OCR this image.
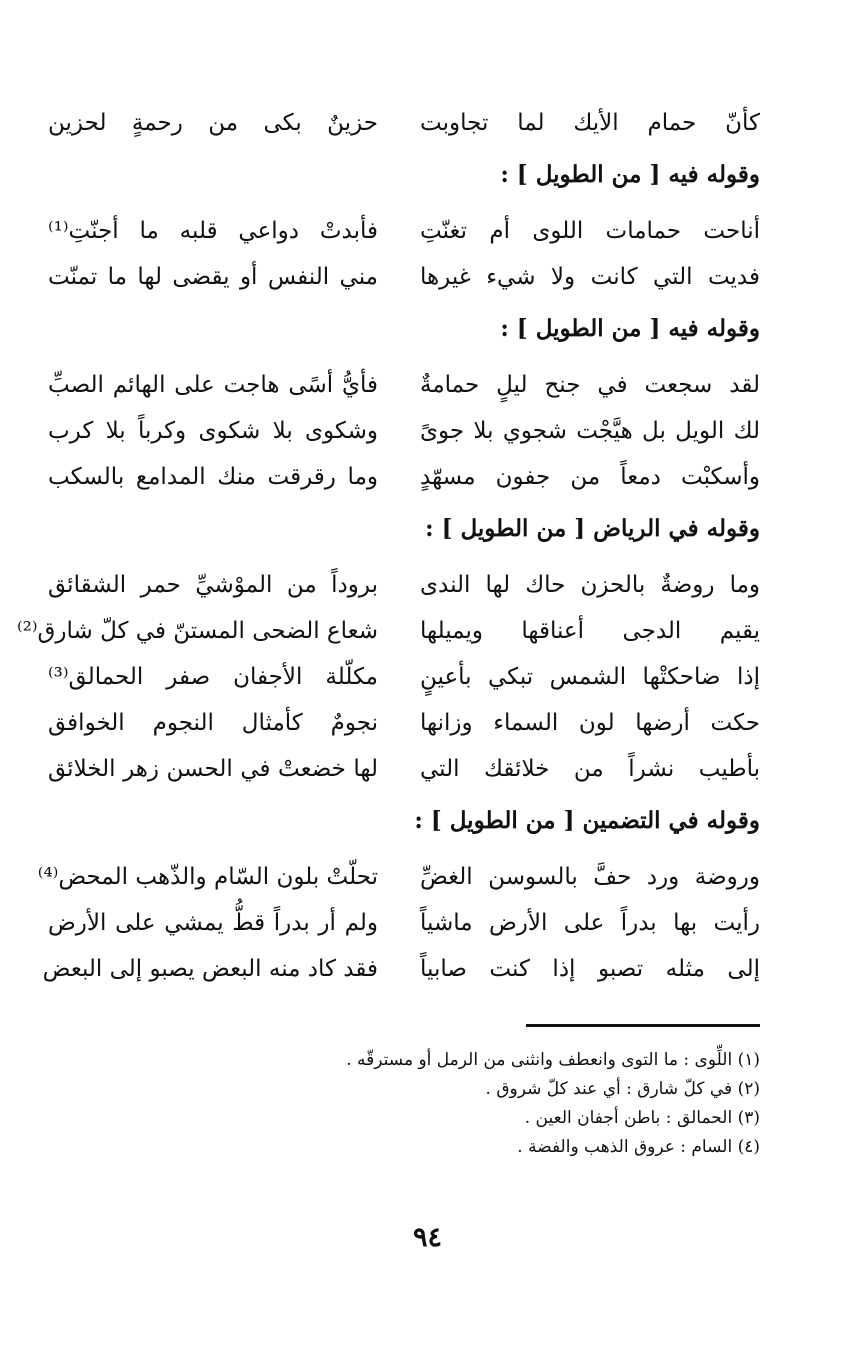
كأنّ حمام الأيك لما تجاوبت
حزينٌ بكى من رحمةٍ لحزين
وقوله فيه [ من الطويل ] :
أناحت حمامات اللوى أم تغنّتِ
فأبدتْ دواعي قلبه ما أجنّتِ⁽¹⁾
فديت التي كانت ولا شيء غيرها
مني النفس أو يقضى لها ما تمنّت
وقوله فيه [ من الطويل ] :
لقد سجعت في جنح ليلٍ حمامةٌ
فأيُّ أسًى هاجت على الهائم الصبِّ
لك الويل بل هيَّجْت شجوي بلا جوىً
وشكوى بلا شكوى وكرباً بلا كرب
وأسكبْت دمعاً من جفون مسهّدٍ
وما رقرقت منك المدامع بالسكب
وقوله في الرياض [ من الطويل ] :
وما روضةٌ بالحزن حاك لها الندى
بروداً من الموْشيِّ حمر الشقائق
يقيم الدجى أعناقها ويميلها
شعاع الضحى المستنّ في كلّ شارق⁽²⁾
إذا ضاحكتْها الشمس تبكي بأعينٍ
مكلّلة الأجفان صفر الحمالق⁽³⁾
حكت أرضها لون السماء وزانها
نجومٌ كأمثال النجوم الخوافق
بأطيب نشراً من خلائقك التي
لها خضعتْ في الحسن زهر الخلائق
وقوله في التضمين [ من الطويل ] :
وروضة ورد حفَّ بالسوسن الغضِّ
تحلّتْ بلون السّام والذّهب المحض⁽⁴⁾
رأيت بها بدراً على الأرض ماشياً
ولم أر بدراً قطُّ يمشي على الأرض
إلى مثله تصبو إذا كنت صابياً
فقد كاد منه البعض يصبو إلى البعض
(١) اللِّوى : ما التوى وانعطف وانثنى من الرمل أو مسترقّه .
(٢) في كلّ شارق : أي عند كلّ شروق .
(٣) الحمالق : باطن أجفان العين .
(٤) السام : عروق الذهب والفضة .
٩٤
